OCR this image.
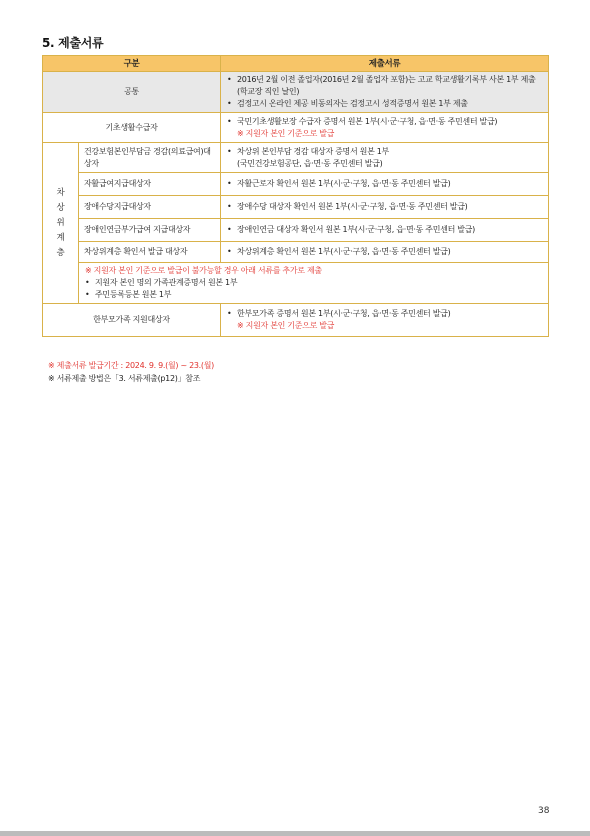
5. 제출서류
구분		제출서류
공통		• 2016년 2월 이전 졸업자(2016년 2월 졸업자 포함)는 고교 학교생활기록부 사본 1부 제출(학교장 직인 날인)
• 검정고시 온라인 제공 비동의자는 검정고시 성적증명서 원본 1부 제출

기초생활수급자		• 국민기초생활보장 수급자 증명서 원본 1부(시·군·구청, 읍·면·동 주민센터 발급)
※ 지원자 본인 기준으로 발급

차상위계층	건강보험본인부담금 경감(의료급여)대상자	• 차상위 본인부담 경감 대상자 증명서 원본 1부
(국민건강보험공단, 읍·면·동 주민센터 발급)

	자활급여지급대상자	• 자활근로자 확인서 원본 1부(시·군·구청, 읍·면·동 주민센터 발급)

	장애수당지급대상자	• 장애수당 대상자 확인서 원본 1부(시·군·구청, 읍·면·동 주민센터 발급)

	장애인연금부가급여 지급대상자	• 장애인연금 대상자 확인서 원본 1부(시·군·구청, 읍·면·동 주민센터 발급)

	차상위계층 확인서 발급 대상자	• 차상위계층 확인서 원본 1부(시·군·구청, 읍·면·동 주민센터 발급)

	※ 지원자 본인 기준으로 발급이 불가능할 경우 아래 서류를 추가로 제출
• 지원자 본인 명의 가족관계증명서 원본 1부
• 주민등록등본 원본 1부	

한부모가족 지원대상자		• 한부모가족 증명서 원본 1부(시·군·구청, 읍·면·동 주민센터 발급)
※ 지원자 본인 기준으로 발급
※ 제출서류 발급기간 : 2024. 9. 9.(월) ~ 23.(월)
※ 서류제출 방법은「3. 서류제출(p12)」참조
38
